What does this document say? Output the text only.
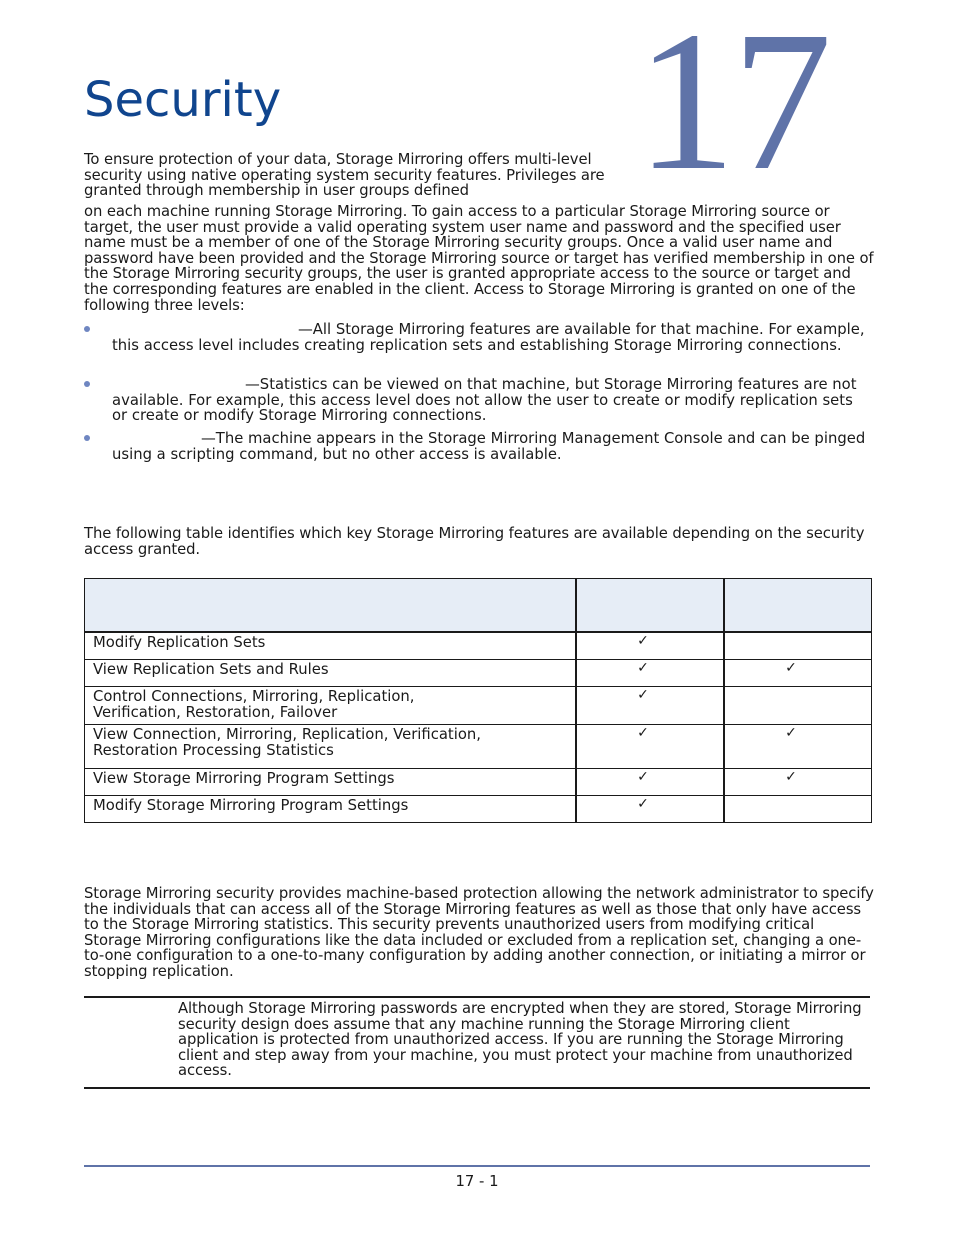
17
Security
To ensure protection of your data, Storage Mirroring offers multi-level security using native operating system security features. Privileges are granted through membership in user groups defined
on each machine running Storage Mirroring. To gain access to a particular Storage Mirroring source or target, the user must provide a valid operating system user name and password and the specified user name must be a member of one of the Storage Mirroring security groups. Once a valid user name and password have been provided and the Storage Mirroring source or target has verified membership in one of the Storage Mirroring security groups, the user is granted appropriate access to the source or target and the corresponding features are enabled in the client. Access to Storage Mirroring is granted on one of the following three levels:
—All Storage Mirroring features are available for that machine. For example, this access level includes creating replication sets and establishing Storage Mirroring connections.
—Statistics can be viewed on that machine, but Storage Mirroring features are not available. For example, this access level does not allow the user to create or modify replication sets or create or modify Storage Mirroring connections.
—The machine appears in the Storage Mirroring Management Console and can be pinged using a scripting command, but no other access is available.
The following table identifies which key Storage Mirroring features are available depending on the security access granted.

Modify Replication Sets	✓	
View Replication Sets and Rules	✓	✓
Control Connections, Mirroring, Replication, Verification, Restoration, Failover	✓	
View Connection, Mirroring, Replication, Verification, Restoration Processing Statistics	✓	✓
View Storage Mirroring Program Settings	✓	✓
Modify Storage Mirroring Program Settings	✓	
Storage Mirroring security provides machine-based protection allowing the network administrator to specify the individuals that can access all of the Storage Mirroring features as well as those that only have access to the Storage Mirroring statistics. This security prevents unauthorized users from modifying critical Storage Mirroring configurations like the data included or excluded from a replication set, changing a one-to-one configuration to a one-to-many configuration by adding another connection, or initiating a mirror or stopping replication.
Although Storage Mirroring passwords are encrypted when they are stored, Storage Mirroring security design does assume that any machine running the Storage Mirroring client application is protected from unauthorized access. If you are running the Storage Mirroring client and step away from your machine, you must protect your machine from unauthorized access.
17 - 1
